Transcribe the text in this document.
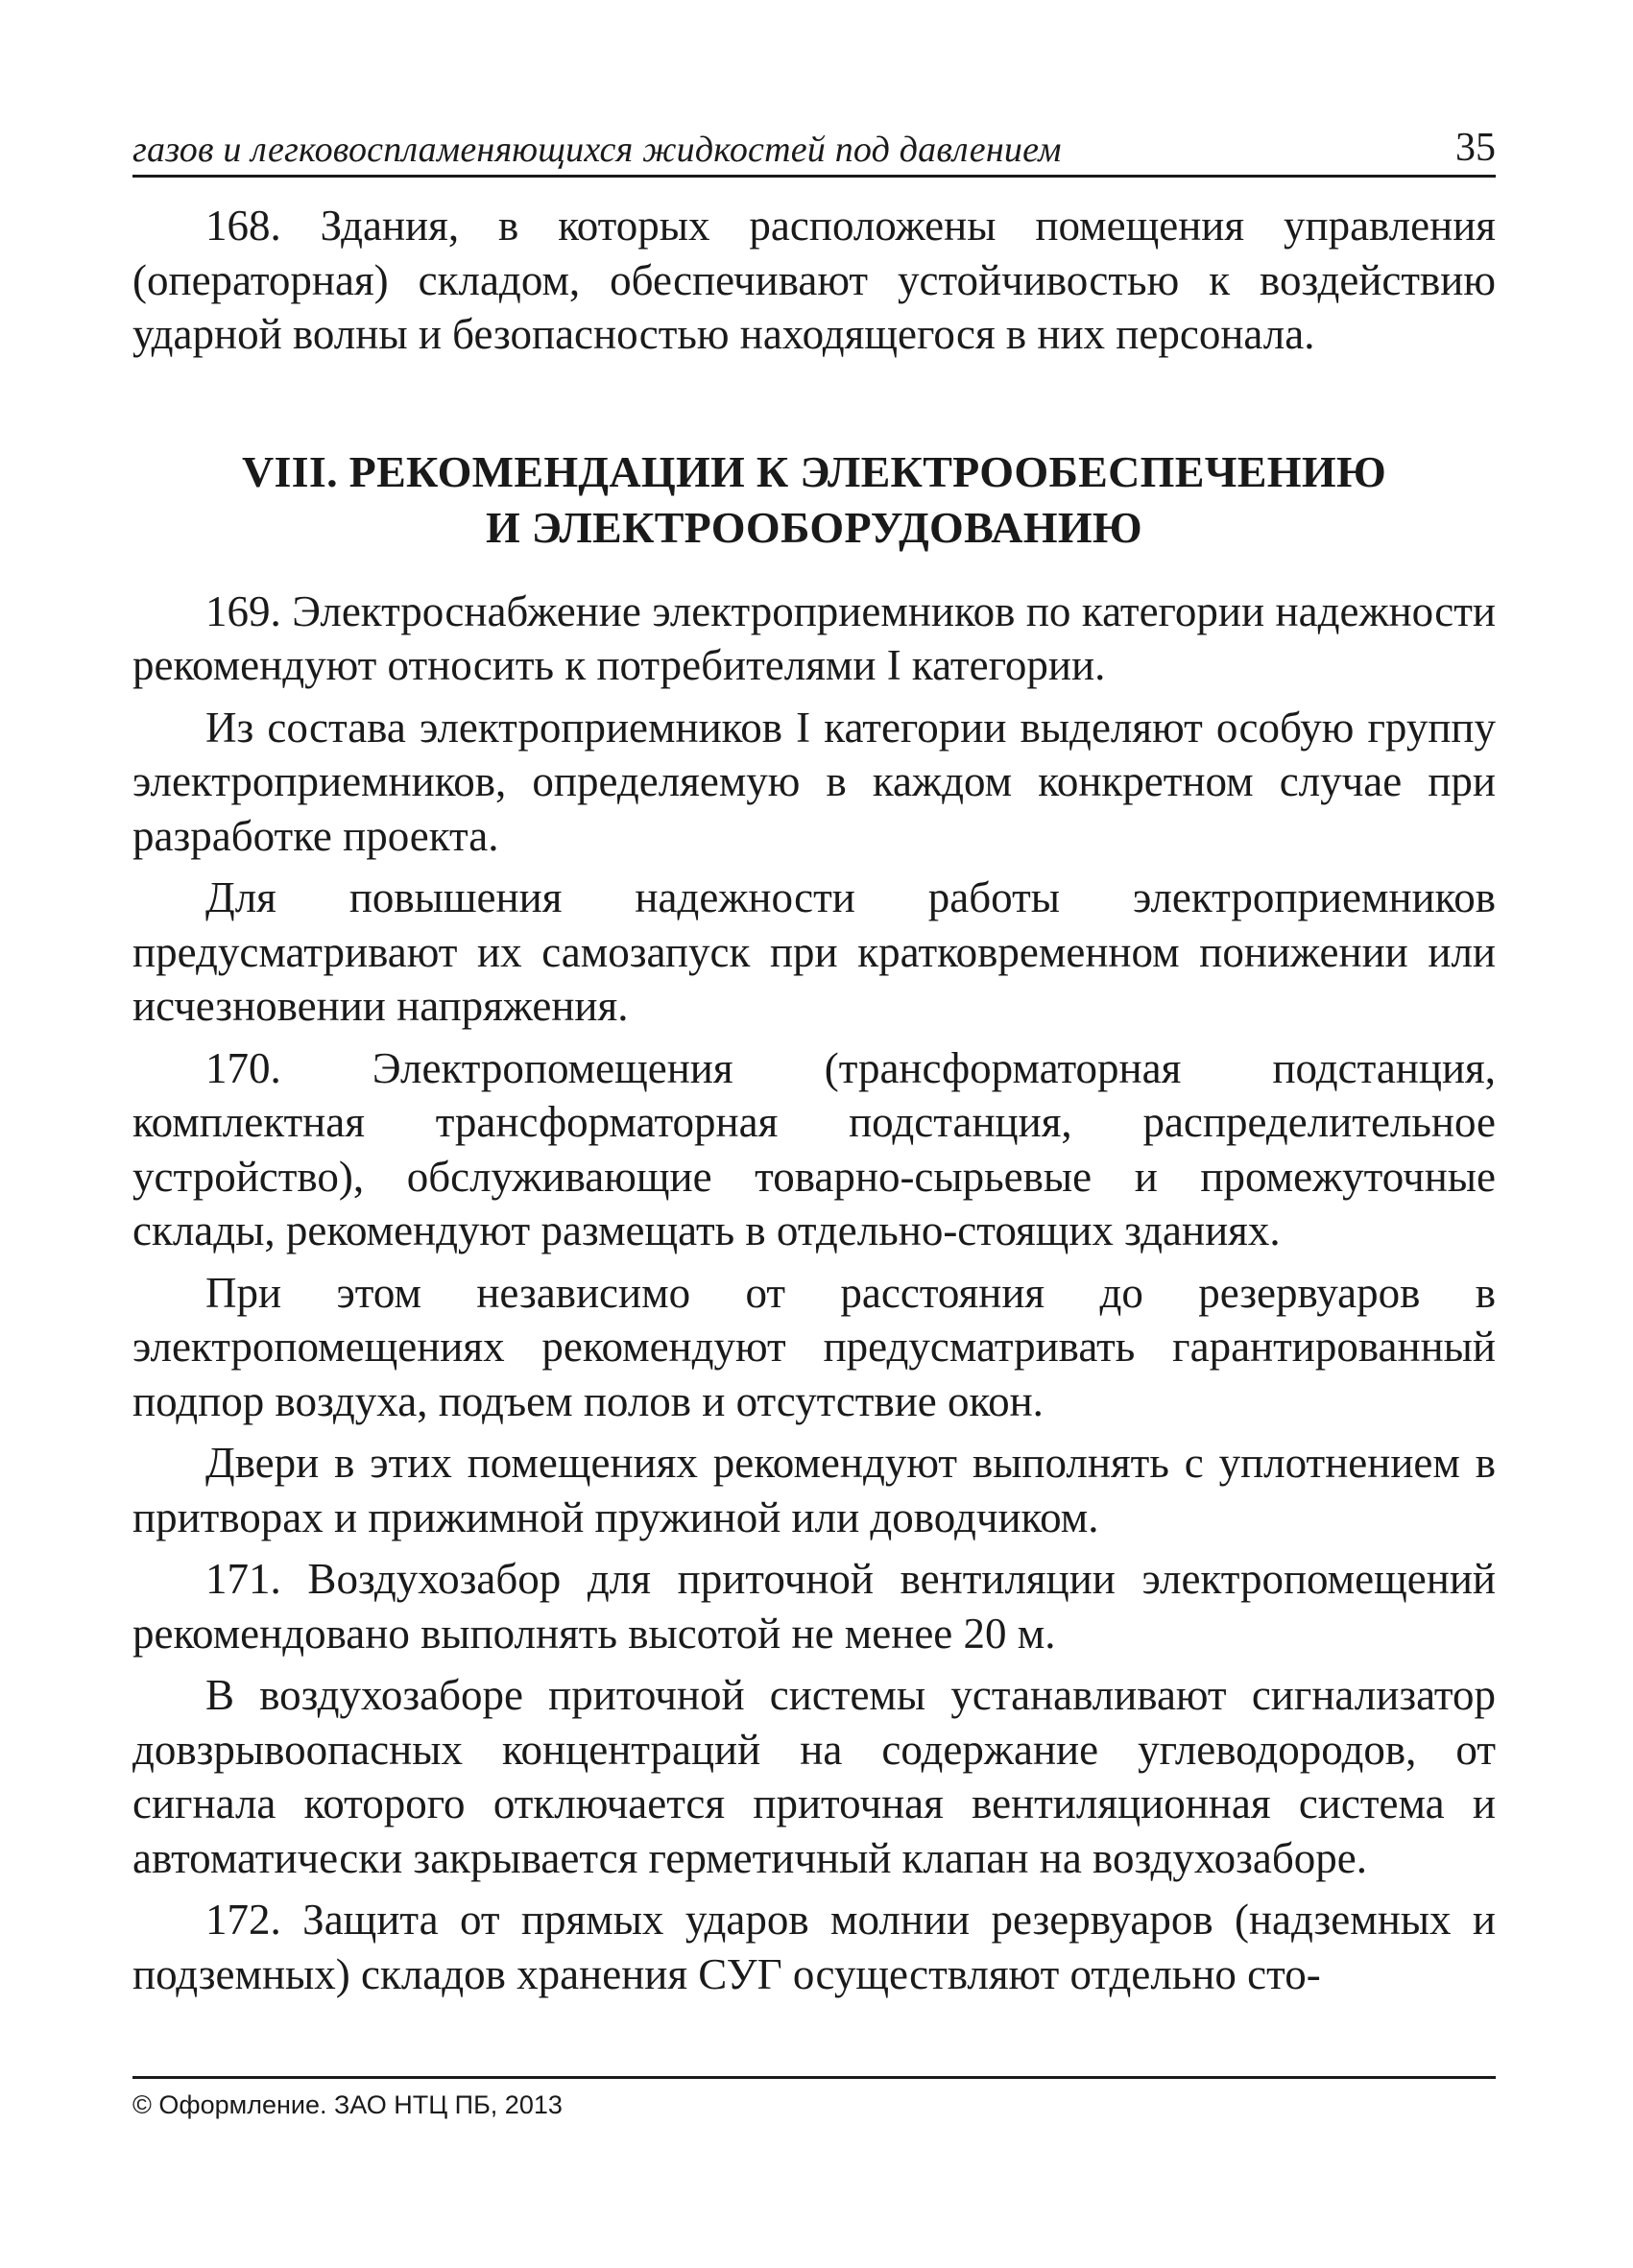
газов и легковоспламеняющихся жидкостей под давлением	35

168. Здания, в которых расположены помещения управления (операторная) складом, обеспечивают устойчивостью к воздействию ударной волны и безопасностью находящегося в них персонала.

VIII. РЕКОМЕНДАЦИИ К ЭЛЕКТРООБЕСПЕЧЕНИЮ
И ЭЛЕКТРООБОРУДОВАНИЮ

169. Электроснабжение электроприемников по категории надежности рекомендуют относить к потребителями I категории.

Из состава электроприемников I категории выделяют особую группу электроприемников, определяемую в каждом конкретном случае при разработке проекта.

Для повышения надежности работы электроприемников предусматривают их самозапуск при кратковременном понижении или исчезновении напряжения.

170. Электропомещения (трансформаторная подстанция, комплектная трансформаторная подстанция, распределительное устройство), обслуживающие товарно-сырьевые и промежуточные склады, рекомендуют размещать в отдельно-стоящих зданиях.

При этом независимо от расстояния до резервуаров в электропомещениях рекомендуют предусматривать гарантированный подпор воздуха, подъем полов и отсутствие окон.

Двери в этих помещениях рекомендуют выполнять с уплотнением в притворах и прижимной пружиной или доводчиком.

171. Воздухозабор для приточной вентиляции электропомещений рекомендовано выполнять высотой не менее 20 м.

В воздухозаборе приточной системы устанавливают сигнализатор довзрывоопасных концентраций на содержание углеводородов, от сигнала которого отключается приточная вентиляционная система и автоматически закрывается герметичный клапан на воздухозаборе.

172. Защита от прямых ударов молнии резервуаров (надземных и подземных) складов хранения СУГ осуществляют отдельно сто-

© Оформление. ЗАО НТЦ ПБ, 2013
